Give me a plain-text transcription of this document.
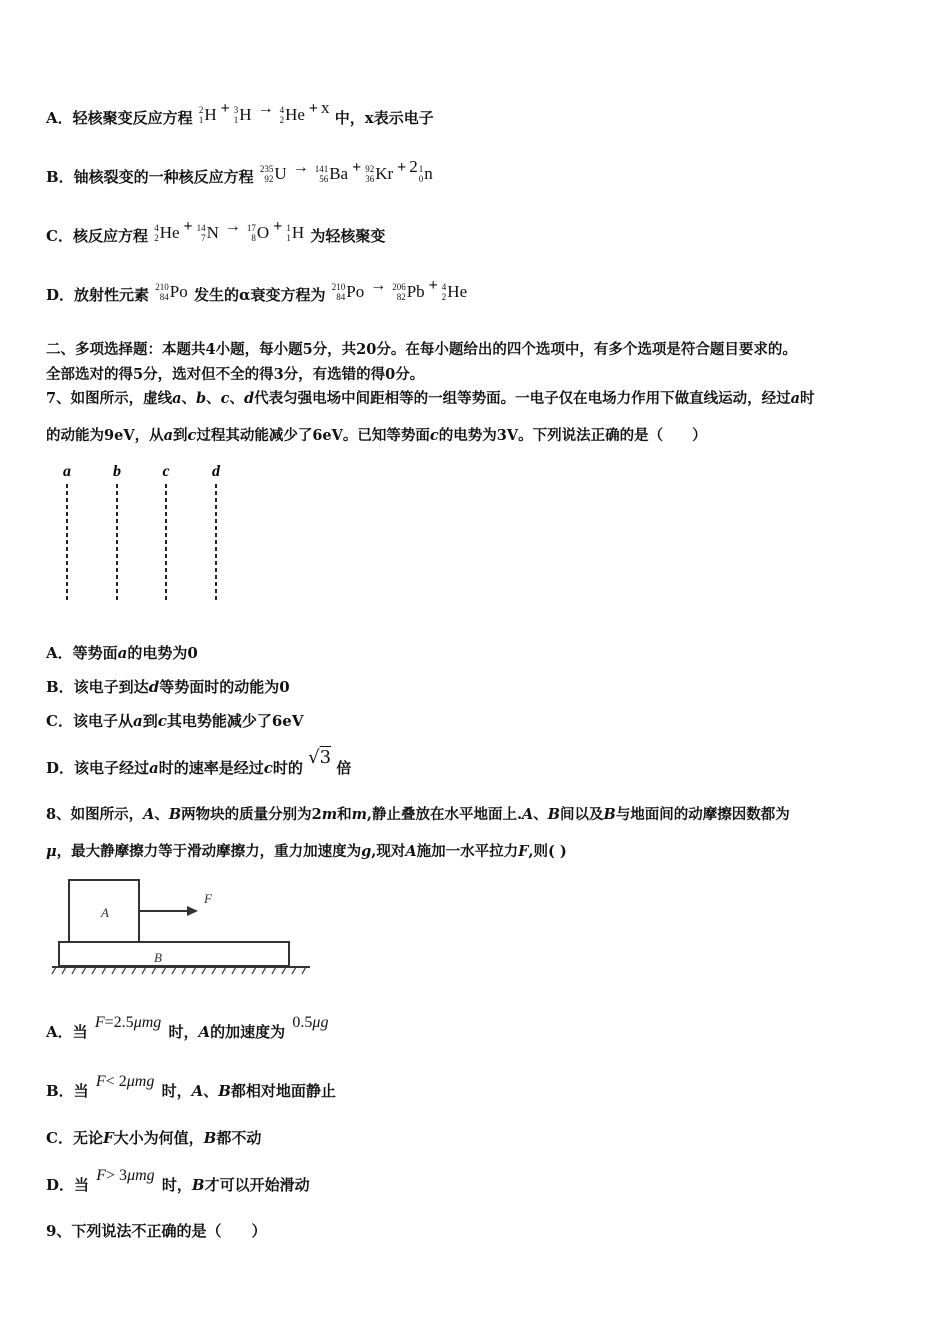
A．轻核聚变反应方程 2
1 H + 3
1 H → 4
2 He + x 中，x表示电子
B．铀核裂变的一种核反应方程 235
92 U → 141
56 Ba + 92
36 Kr + 2 1
0 n
C．核反应方程 4
2 He + 14
7 N → 17
8 O + 1
1 H 为轻核聚变
D．放射性元素 210
84 Po 发生的α衰变方程为 210
84 Po → 206
82 Pb + 4
2 He
二、多项选择题：本题共4小题，每小题5分，共20分。在每小题给出的四个选项中，有多个选项是符合题目要求的。
全部选对的得5分，选对但不全的得3分，有选错的得0分。
7、如图所示，虚线a、b、c、d代表匀强电场中间距相等的一组等势面。一电子仅在电场力作用下做直线运动，经过a时
的动能为9eV，从a到c过程其动能减少了6eV。已知等势面c的电势为3V。下列说法正确的是（　　）
a	b	c	d
A．等势面a的电势为0
B．该电子到达d等势面时的动能为0
C．该电子从a到c其电势能减少了6eV
D．该电子经过a时的速率是经过c时的 √3 倍
8、如图所示，A、B两物块的质量分别为2m和m,静止叠放在水平地面上.A、B间以及B与地面间的动摩擦因数都为
μ，最大静摩擦力等于滑动摩擦力，重力加速度为g,现对A施加一水平拉力F,则( )
A
F
B
A．当 F=2.5μmg 时，A的加速度为 0.5μg
B．当 F< 2μmg 时，A、B都相对地面静止
C．无论F大小为何值，B都不动
D．当 F> 3μmg 时，B才可以开始滑动
9、下列说法不正确的是（　　）
